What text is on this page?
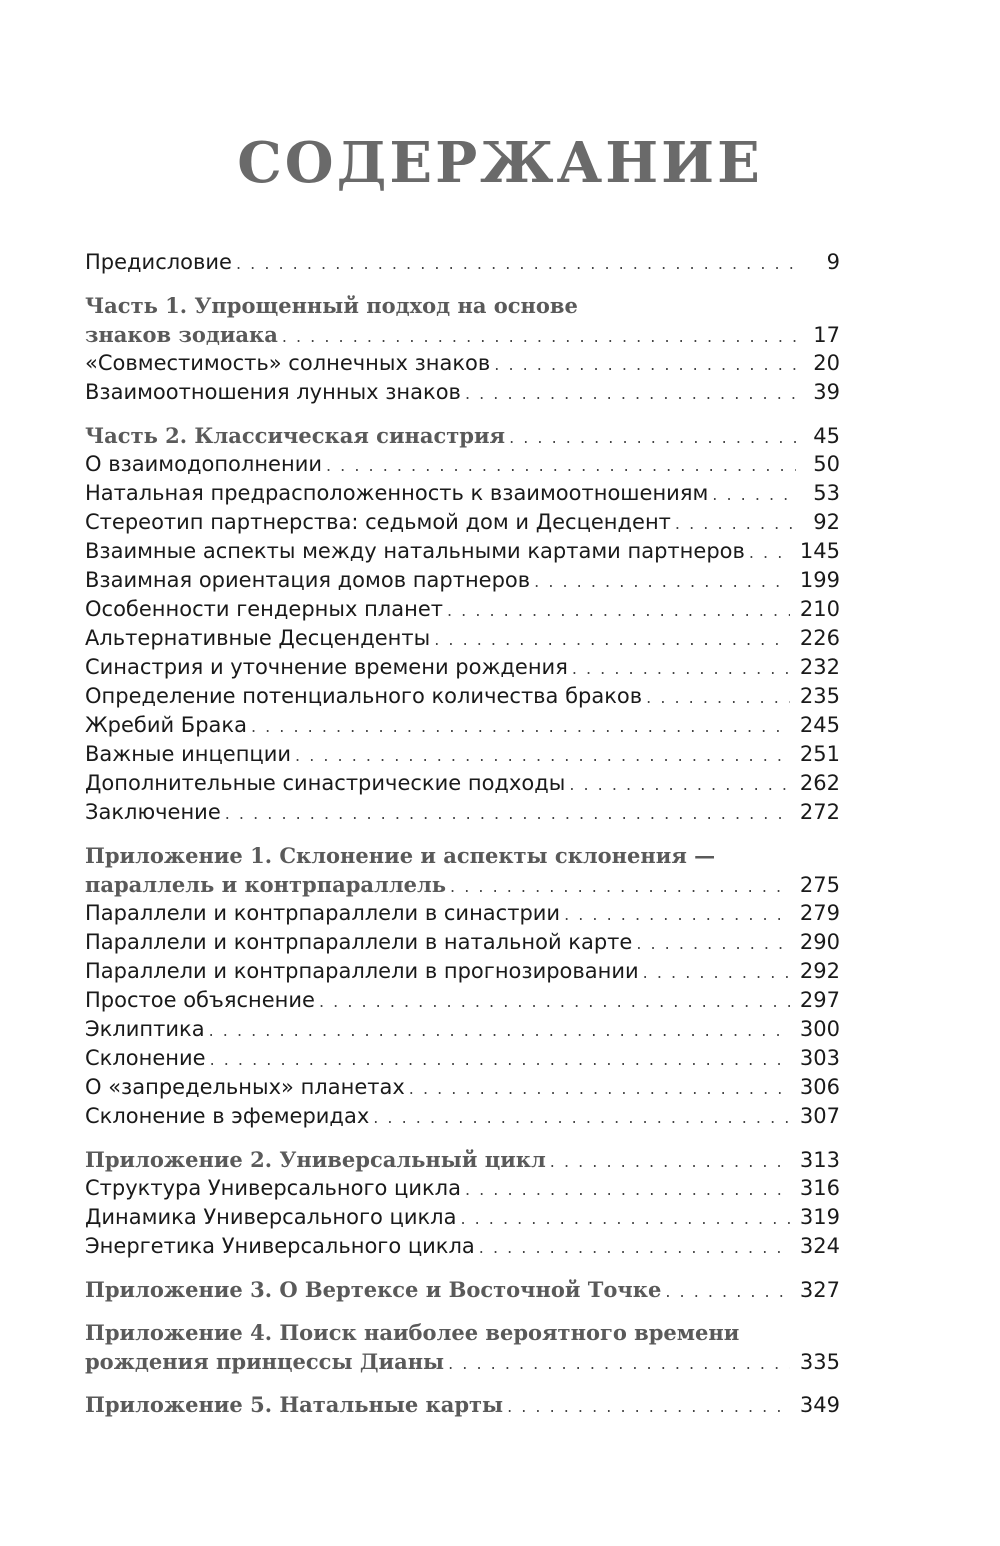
СОДЕРЖАНИЕ
Предисловие . . .	9
Часть 1. Упрощенный подход на основе
знаков зодиака . . .	17
«Совместимость» солнечных знаков . . .	20
Взаимоотношения лунных знаков . . .	39
Часть 2. Классическая синастрия . . .	45
О взаимодополнении . . .	50
Натальная предрасположенность к взаимоотношениям . . .	53
Стереотип партнерства: седьмой дом и Десцендент . . .	92
Взаимные аспекты между натальными картами партнеров . . .	145
Взаимная ориентация домов партнеров . . .	199
Особенности гендерных планет . . .	210
Альтернативные Десценденты . . .	226
Синастрия и уточнение времени рождения . . .	232
Определение потенциального количества браков . . .	235
Жребий Брака . . .	245
Важные инцепции . . .	251
Дополнительные синастрические подходы . . .	262
Заключение . . .	272
Приложение 1. Склонение и аспекты склонения —
параллель и контрпараллель . . .	275
Параллели и контрпараллели в синастрии . . .	279
Параллели и контрпараллели в натальной карте . . .	290
Параллели и контрпараллели в прогнозировании . . .	292
Простое объяснение . . .	297
Эклиптика . . .	300
Склонение . . .	303
О «запредельных» планетах . . .	306
Склонение в эфемеридах . . .	307
Приложение 2. Универсальный цикл . . .	313
Структура Универсального цикла . . .	316
Динамика Универсального цикла . . .	319
Энергетика Универсального цикла . . .	324
Приложение 3. О Вертексе и Восточной Точке . . .	327
Приложение 4. Поиск наиболее вероятного времени
рождения принцессы Дианы . . .	335
Приложение 5. Натальные карты . . .	349
